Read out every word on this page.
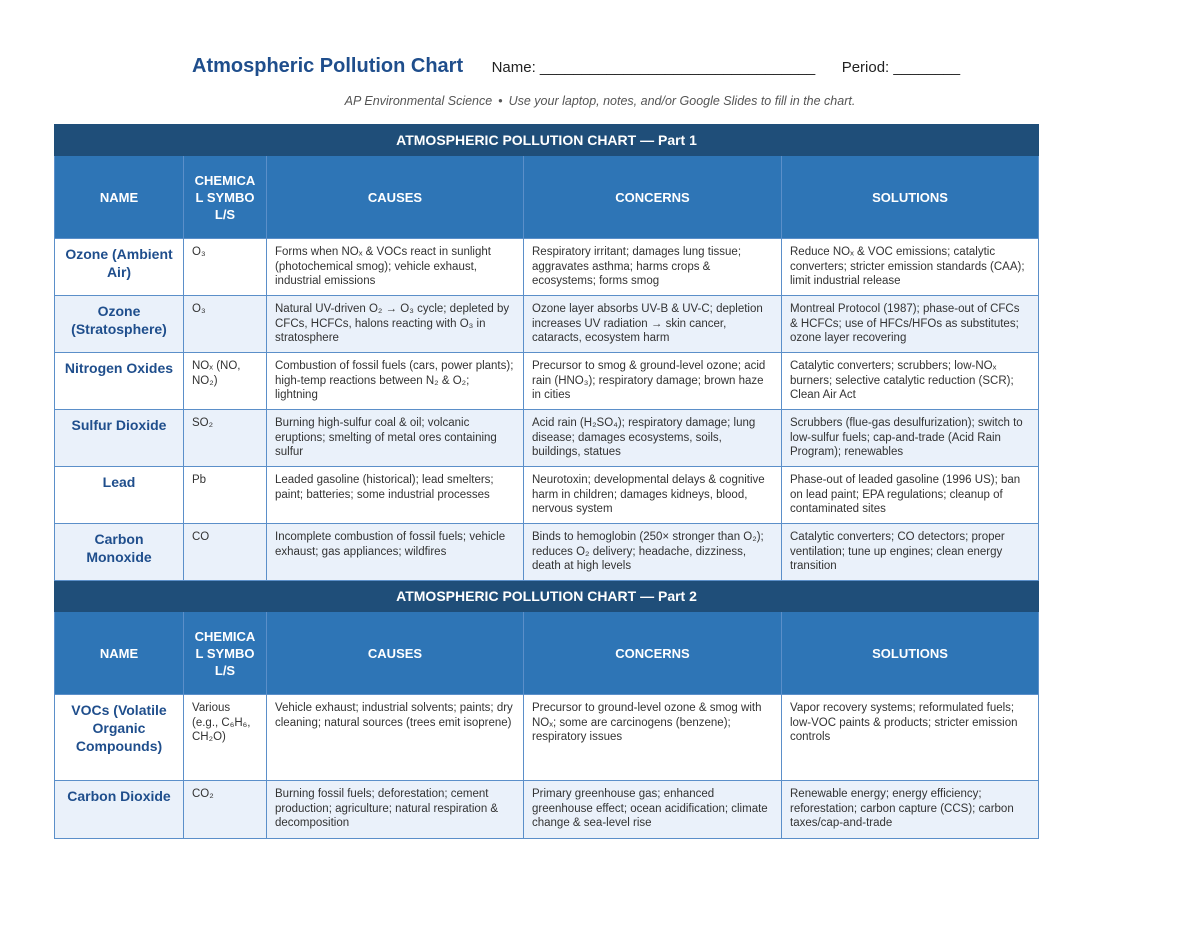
Atmospheric Pollution Chart Name: _________________________________ Period: ________
AP Environmental Science • Use your laptop, notes, and/or Google Slides to fill in the chart.
ATMOSPHERIC POLLUTION CHART — Part 1				
NAME	CHEMICAL SYMBOL/S	CAUSES	CONCERNS	SOLUTIONS
Ozone (Ambient Air)	O₃	Forms when NOₓ & VOCs react in sunlight (photochemical smog); vehicle exhaust, industrial emissions	Respiratory irritant; damages lung tissue; aggravates asthma; harms crops & ecosystems; forms smog	Reduce NOₓ & VOC emissions; catalytic converters; stricter emission standards (CAA); limit industrial release
Ozone (Stratosphere)	O₃	Natural UV-driven O₂ → O₃ cycle; depleted by CFCs, HCFCs, halons reacting with O₃ in stratosphere	Ozone layer absorbs UV-B & UV-C; depletion increases UV radiation → skin cancer, cataracts, ecosystem harm	Montreal Protocol (1987); phase-out of CFCs & HCFCs; use of HFCs/HFOs as substitutes; ozone layer recovering
Nitrogen Oxides	NOₓ (NO, NO₂)	Combustion of fossil fuels (cars, power plants); high-temp reactions between N₂ & O₂; lightning	Precursor to smog & ground-level ozone; acid rain (HNO₃); respiratory damage; brown haze in cities	Catalytic converters; scrubbers; low-NOₓ burners; selective catalytic reduction (SCR); Clean Air Act
Sulfur Dioxide	SO₂	Burning high-sulfur coal & oil; volcanic eruptions; smelting of metal ores containing sulfur	Acid rain (H₂SO₄); respiratory damage; lung disease; damages ecosystems, soils, buildings, statues	Scrubbers (flue-gas desulfurization); switch to low-sulfur fuels; cap-and-trade (Acid Rain Program); renewables
Lead	Pb	Leaded gasoline (historical); lead smelters; paint; batteries; some industrial processes	Neurotoxin; developmental delays & cognitive harm in children; damages kidneys, blood, nervous system	Phase-out of leaded gasoline (1996 US); ban on lead paint; EPA regulations; cleanup of contaminated sites
Carbon Monoxide	CO	Incomplete combustion of fossil fuels; vehicle exhaust; gas appliances; wildfires	Binds to hemoglobin (250× stronger than O₂); reduces O₂ delivery; headache, dizziness, death at high levels	Catalytic converters; CO detectors; proper ventilation; tune up engines; clean energy transition
ATMOSPHERIC POLLUTION CHART — Part 2				
NAME	CHEMICAL SYMBOL/S	CAUSES	CONCERNS	SOLUTIONS
VOCs (Volatile Organic Compounds)	Various (e.g., C₆H₆, CH₂O)	Vehicle exhaust; industrial solvents; paints; dry cleaning; natural sources (trees emit isoprene)	Precursor to ground-level ozone & smog with NOₓ; some are carcinogens (benzene); respiratory issues	Vapor recovery systems; reformulated fuels; low-VOC paints & products; stricter emission controls
Carbon Dioxide	CO₂	Burning fossil fuels; deforestation; cement production; agriculture; natural respiration & decomposition	Primary greenhouse gas; enhanced greenhouse effect; ocean acidification; climate change & sea-level rise	Renewable energy; energy efficiency; reforestation; carbon capture (CCS); carbon taxes/cap-and-trade
